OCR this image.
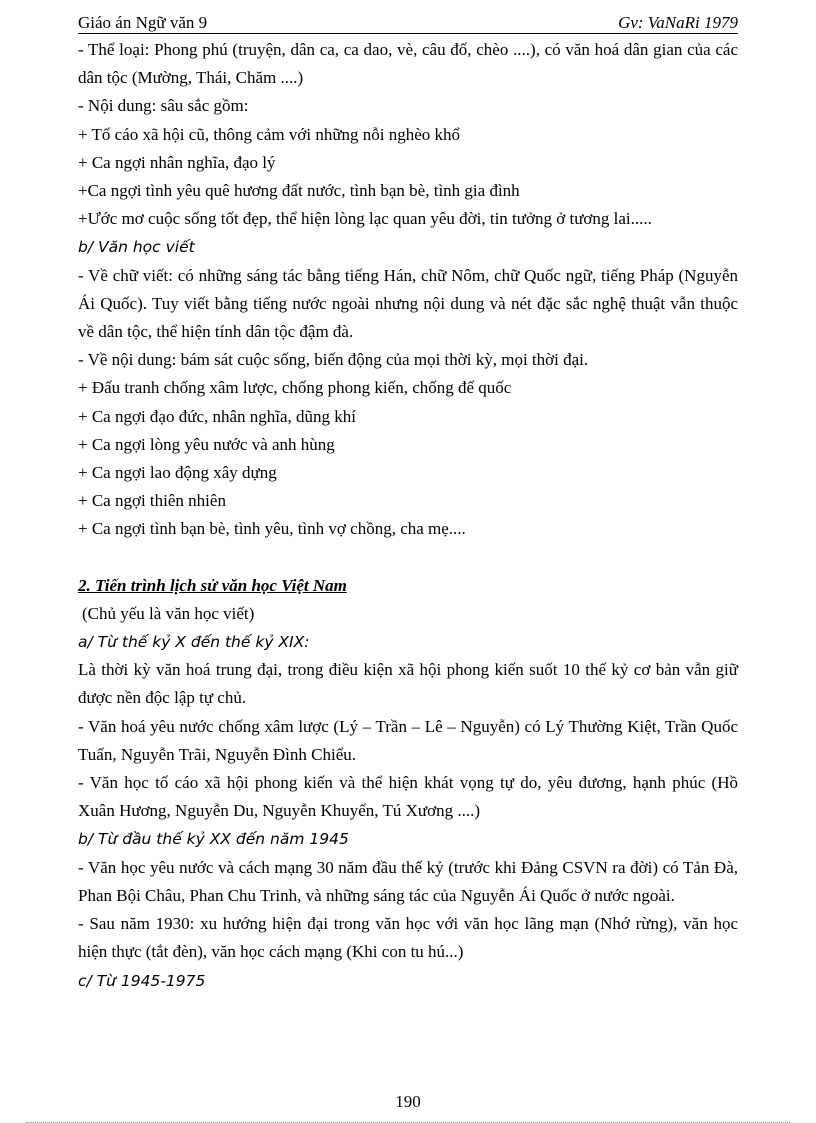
Giáo án Ngữ văn 9	Gv: VaNaRi 1979

- Thể loại: Phong phú (truyện, dân ca, ca dao, vè, câu đố, chèo ....), có văn hoá dân gian của các dân tộc (Mường, Thái, Chăm ....)

- Nội dung: sâu sắc gồm:

+ Tố cáo xã hội cũ, thông cảm với những nỗi nghèo khổ

+ Ca ngợi nhân nghĩa, đạo lý

+Ca ngợi tình yêu quê hương đất nước, tình bạn bè, tình gia đình

+Ước mơ cuộc sống tốt đẹp, thể hiện lòng lạc quan yêu đời, tin tưởng ở tương lai.....

b/ Văn học viết

- Về chữ viết: có những sáng tác bằng tiếng Hán, chữ Nôm, chữ Quốc ngữ, tiếng Pháp (Nguyễn Ái Quốc). Tuy viết bằng tiếng nước ngoài nhưng nội dung và nét đặc sắc nghệ thuật vẫn thuộc về dân tộc, thể hiện tính dân tộc đậm đà.

- Về nội dung: bám sát cuộc sống, biến động của mọi thời kỳ, mọi thời đại.

+ Đấu tranh chống xâm lược, chống phong kiến, chống đế quốc

+ Ca ngợi đạo đức, nhân nghĩa, dũng khí

+ Ca ngợi lòng yêu nước và anh hùng

+ Ca ngợi lao động xây dựng

+ Ca ngợi thiên nhiên

+ Ca ngợi tình bạn bè, tình yêu, tình vợ chồng, cha mẹ....

2. Tiến trình lịch sử văn học Việt Nam

(Chủ yếu là văn học viết)

a/ Từ thế kỷ X đến thế kỷ XIX:

Là thời kỳ văn hoá trung đại, trong điều kiện xã hội phong kiến suốt 10 thế kỷ cơ bản vẫn giữ được nền độc lập tự chủ.

- Văn hoá yêu nước chống xâm lược (Lý – Trần – Lê – Nguyễn) có Lý Thường Kiệt, Trần Quốc Tuấn, Nguyễn Trãi, Nguyễn Đình Chiểu.

- Văn học tố cáo xã hội phong kiến và thể hiện khát vọng tự do, yêu đương, hạnh phúc (Hồ Xuân Hương, Nguyễn Du, Nguyễn Khuyến, Tú Xương ....)

b/ Từ đầu thế kỷ XX đến năm 1945

- Văn học yêu nước và cách mạng 30 năm đầu thế kỷ (trước khi Đảng CSVN ra đời) có Tản Đà, Phan Bội Châu, Phan Chu Trinh, và những sáng tác của Nguyễn Ái Quốc ở nước ngoài.

- Sau năm 1930: xu hướng hiện đại trong văn học với văn học lãng mạn (Nhớ rừng), văn học hiện thực (tắt đèn), văn học cách mạng (Khi con tu hú...)

c/ Từ 1945-1975

190
